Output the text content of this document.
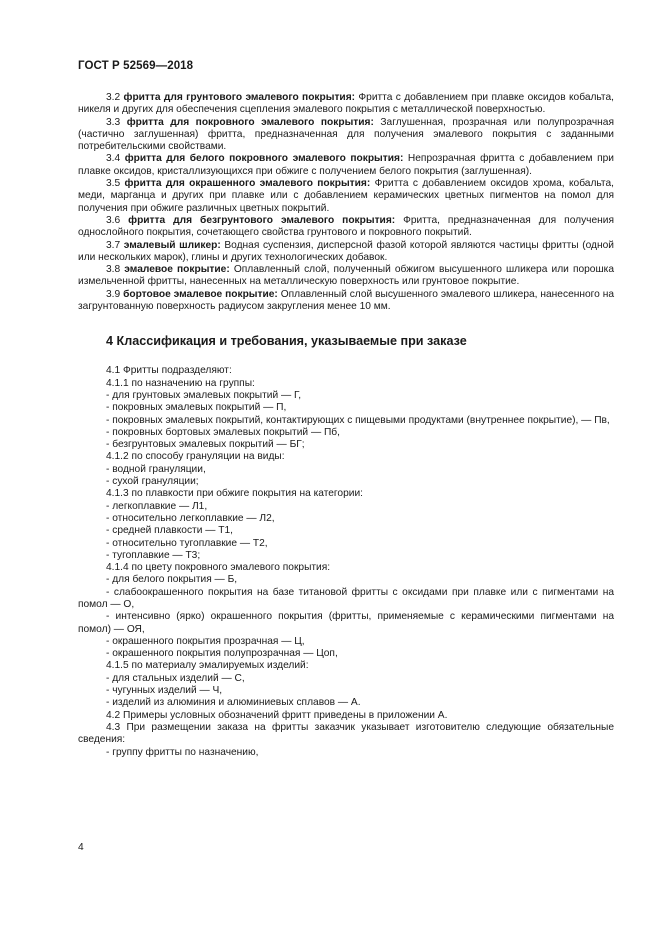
ГОСТ Р 52569—2018

3.2 фритта для грунтового эмалевого покрытия: Фритта с добавлением при плавке оксидов кобальта, никеля и других для обеспечения сцепления эмалевого покрытия с металлической поверхностью.

3.3 фритта для покровного эмалевого покрытия: Заглушенная, прозрачная или полупрозрачная (частично заглушенная) фритта, предназначенная для получения эмалевого покрытия с заданными потребительскими свойствами.

3.4 фритта для белого покровного эмалевого покрытия: Непрозрачная фритта с добавлением при плавке оксидов, кристаллизующихся при обжиге с получением белого покрытия (заглушенная).

3.5 фритта для окрашенного эмалевого покрытия: Фритта с добавлением оксидов хрома, кобальта, меди, марганца и других при плавке или с добавлением керамических цветных пигментов на помол для получения при обжиге различных цветных покрытий.

3.6 фритта для безгрунтового эмалевого покрытия: Фритта, предназначенная для получения однослойного покрытия, сочетающего свойства грунтового и покровного покрытий.

3.7 эмалевый шликер: Водная суспензия, дисперсной фазой которой являются частицы фритты (одной или нескольких марок), глины и других технологических добавок.

3.8 эмалевое покрытие: Оплавленный слой, полученный обжигом высушенного шликера или порошка измельченной фритты, нанесенных на металлическую поверхность или грунтовое покрытие.

3.9 бортовое эмалевое покрытие: Оплавленный слой высушенного эмалевого шликера, нанесенного на загрунтованную поверхность радиусом закругления менее 10 мм.

4 Классификация и требования, указываемые при заказе

4.1 Фритты подразделяют:

4.1.1 по назначению на группы:

- для грунтовых эмалевых покрытий — Г,

- покровных эмалевых покрытий — П,

- покровных эмалевых покрытий, контактирующих с пищевыми продуктами (внутреннее покрытие), — Пв,

- покровных бортовых эмалевых покрытий — Пб,

- безгрунтовых эмалевых покрытий — БГ;

4.1.2 по способу грануляции на виды:

- водной грануляции,

- сухой грануляции;

4.1.3 по плавкости при обжиге покрытия на категории:

- легкоплавкие — Л1,

- относительно легкоплавкие — Л2,

- средней плавкости — Т1,

- относительно тугоплавкие — Т2,

- тугоплавкие — Т3;

4.1.4 по цвету покровного эмалевого покрытия:

- для белого покрытия — Б,

- слабоокрашенного покрытия на базе титановой фритты с оксидами при плавке или с пигментами на помол — О,

- интенсивно (ярко) окрашенного покрытия (фритты, применяемые с керамическими пигментами на помол) — ОЯ,

- окрашенного покрытия прозрачная — Ц,

- окрашенного покрытия полупрозрачная — Цоп,

4.1.5 по материалу эмалируемых изделий:

- для стальных изделий — С,

- чугунных изделий — Ч,

- изделий из алюминия и алюминиевых сплавов — А.

4.2 Примеры условных обозначений фритт приведены в приложении А.

4.3 При размещении заказа на фритты заказчик указывает изготовителю следующие обязательные сведения:

- группу фритты по назначению,

4
